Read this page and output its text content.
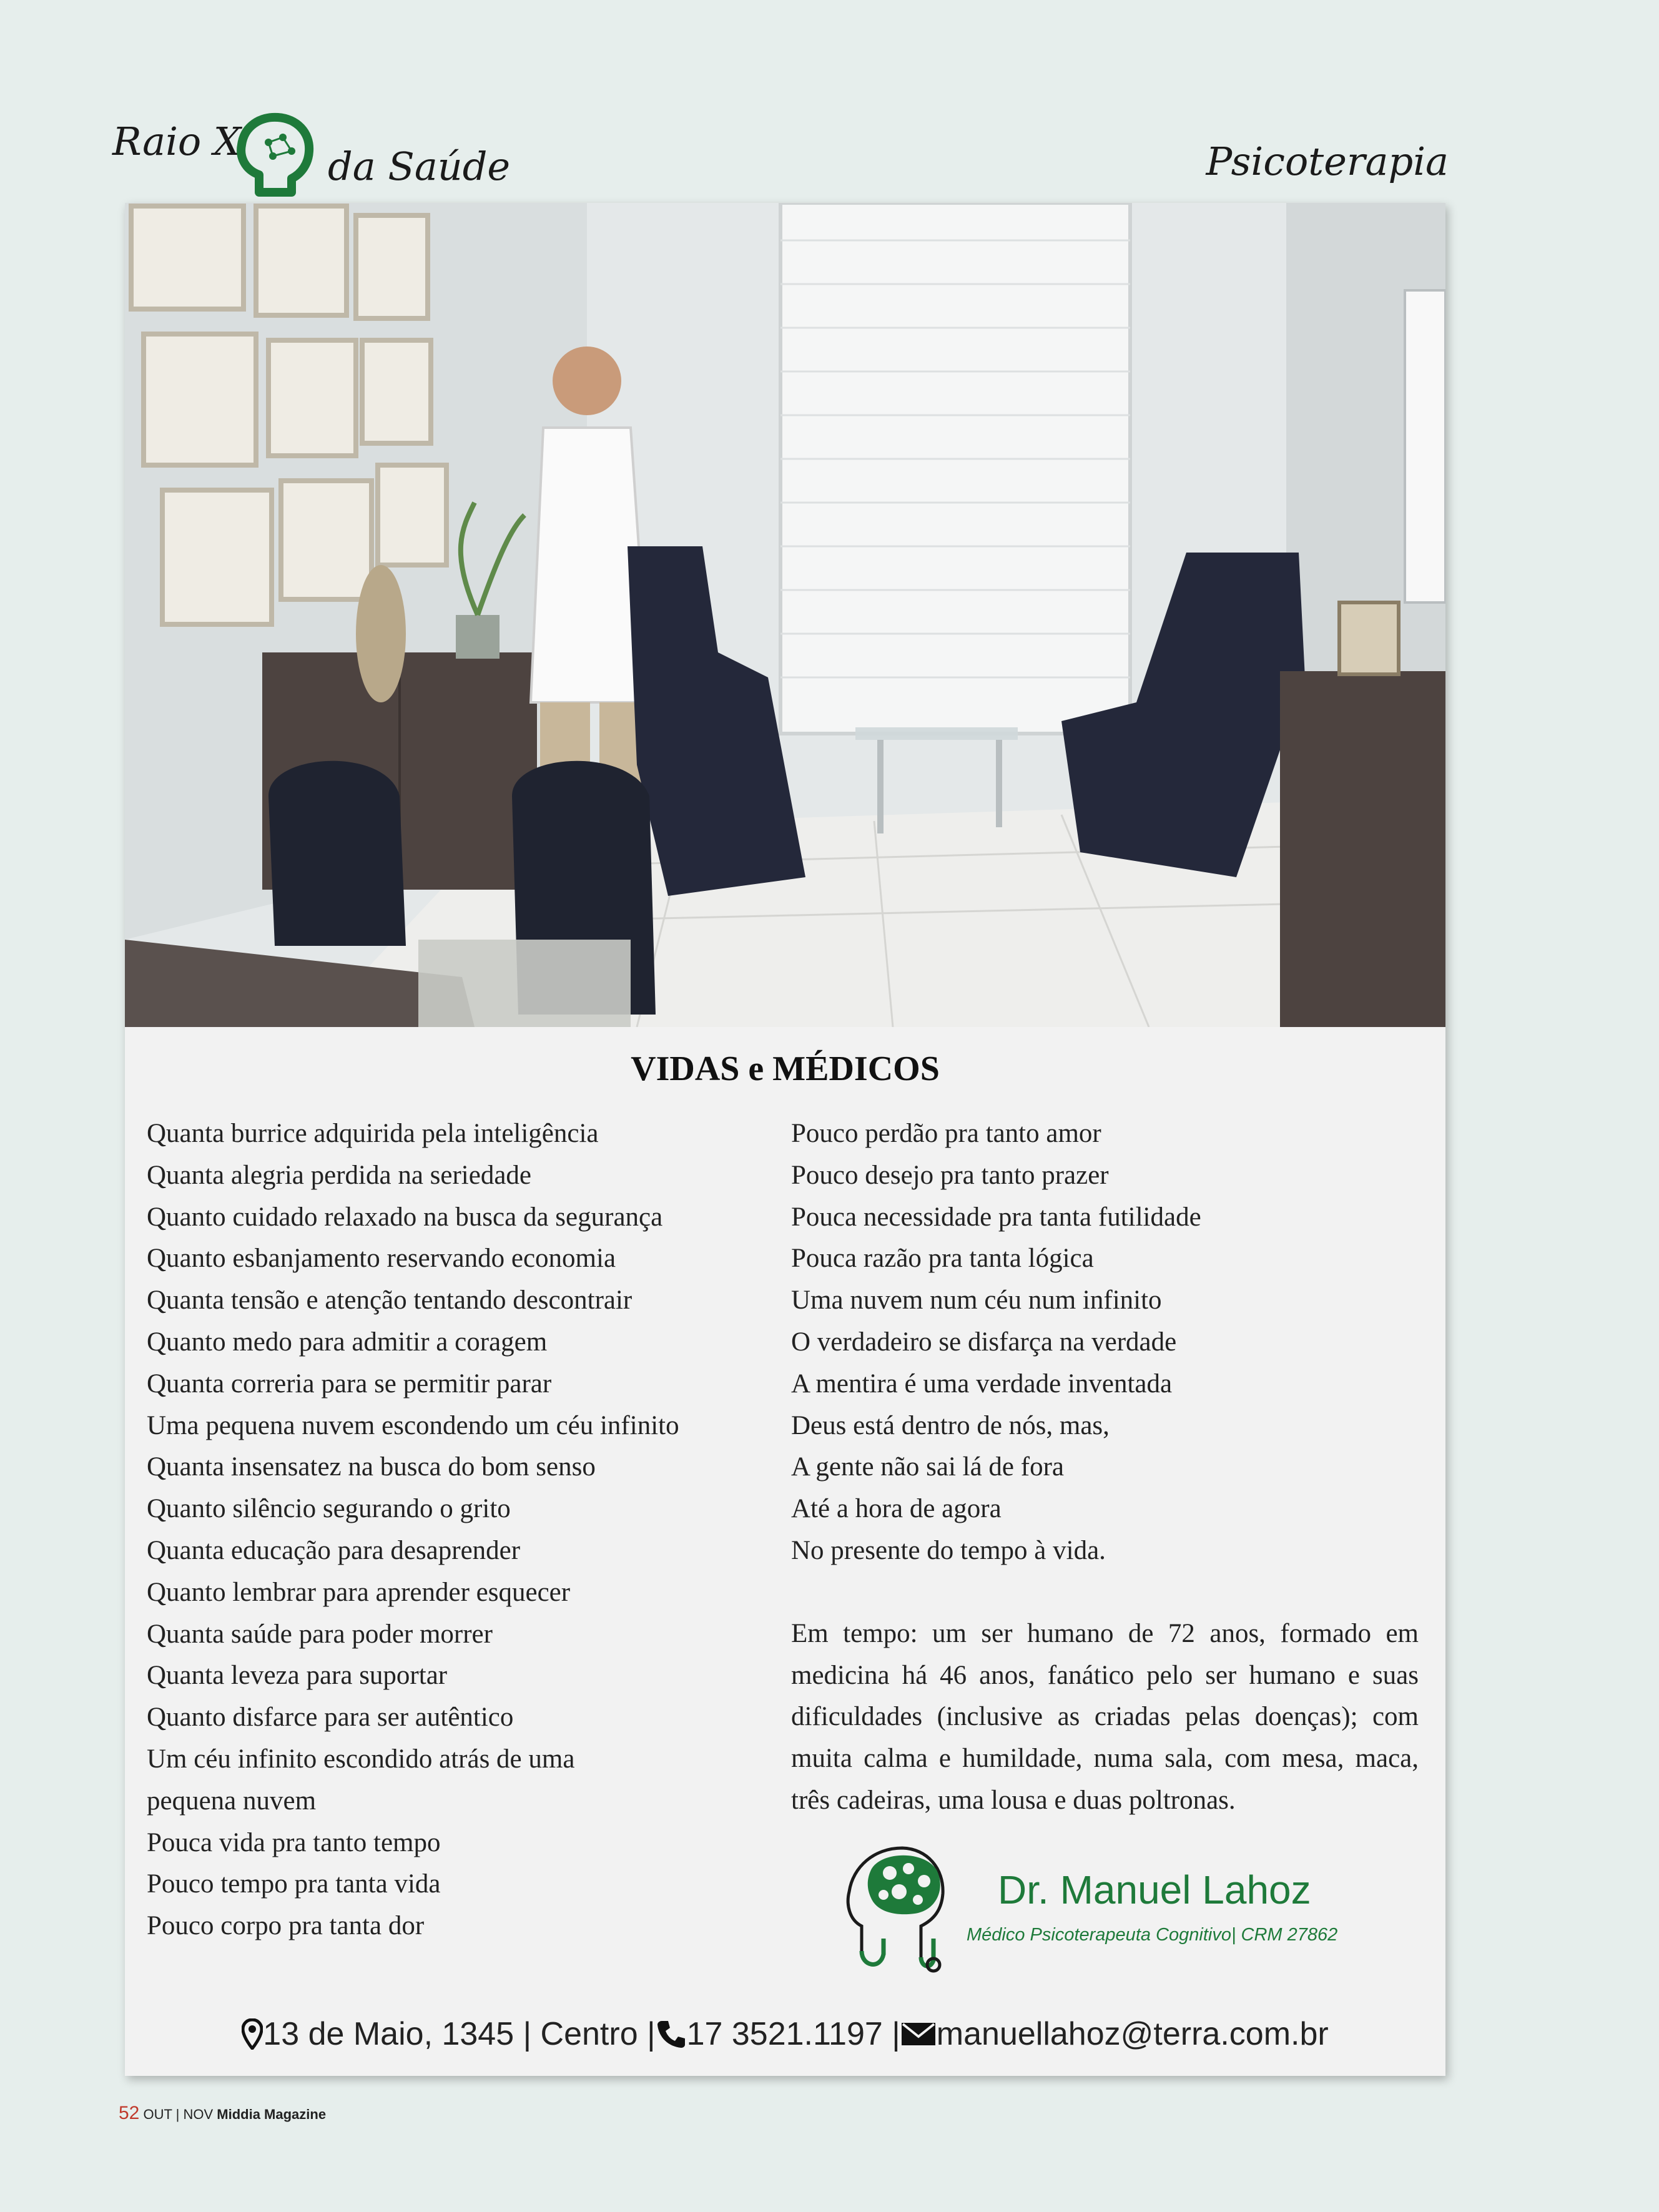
Raio X
da Saúde	Psicoterapia
VIDAS e MÉDICOS
Quanta burrice adquirida pela inteligência
Quanta alegria perdida na seriedade
Quanto cuidado relaxado na busca da segurança
Quanto esbanjamento reservando economia
Quanta tensão e atenção tentando descontrair
Quanto medo para admitir a coragem
Quanta correria para se permitir parar
Uma pequena nuvem escondendo um céu infinito
Quanta insensatez na busca do bom senso
Quanto silêncio segurando o grito
Quanta educação para desaprender
Quanto lembrar para aprender esquecer
Quanta saúde para poder morrer
Quanta leveza para suportar
Quanto disfarce para ser autêntico
Um céu infinito escondido atrás de uma
pequena nuvem
Pouca vida pra tanto tempo
Pouco tempo pra tanta vida
Pouco corpo pra tanta dor
Pouco perdão pra tanto amor
Pouco desejo pra tanto prazer
Pouca necessidade pra tanta futilidade
Pouca razão pra tanta lógica
Uma nuvem num céu num infinito
O verdadeiro se disfarça na verdade
A mentira é uma verdade inventada
Deus está dentro de nós, mas,
A gente não sai lá de fora
Até a hora de agora
No presente do tempo à vida.
Em tempo: um ser humano de 72 anos, formado em medicina há 46 anos, fanático pelo ser humano e suas dificuldades (inclusive as criadas pelas doenças); com muita calma e humildade, numa sala, com mesa, maca, três cadeiras, uma lousa e duas poltronas.
Dr. Manuel Lahoz
Médico Psicoterapeuta Cognitivo| CRM 27862
13 de Maio, 1345 | Centro | 17 3521.1197 | manuellahoz@terra.com.br
52 OUT | NOV Middia Magazine
